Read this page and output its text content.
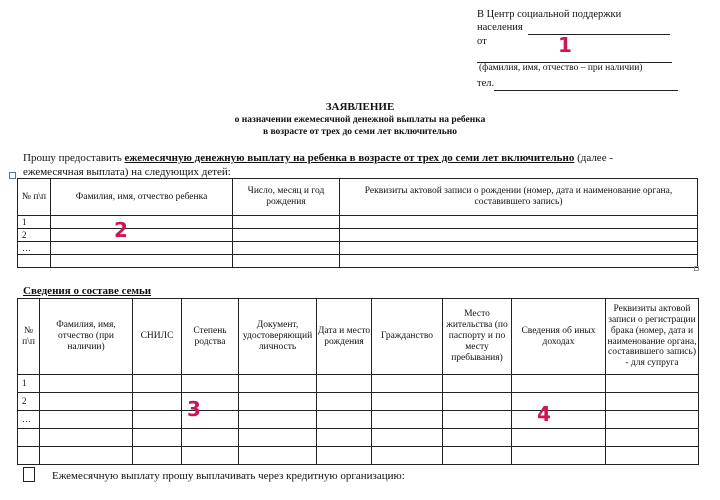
В Центр социальной поддержки
населения
от
(фамилия, имя, отчество – при наличии)
тел.
ЗАЯВЛЕНИЕ
о назначении ежемесячной денежной выплаты на ребенка
в возрасте от трех до семи лет включительно
Прошу предоставить ежемесячную денежную выплату на ребенка в возрасте от трех до семи лет включительно (далее -
ежемесячная выплата) на следующих детей:
№ п\п	Фамилия, имя, отчество ребенка	Число, месяц и год рождения	Реквизиты актовой записи о рождении (номер, дата и наименование органа, составившего запись)
1			
2			
…			

Сведения о составе семьи
№ п\п	Фамилия, имя, отчество (при наличии)	СНИЛС	Степень родства	Документ, удостоверяющий личность	Дата и место рождения	Гражданство	Место жительства (по паспорту и по месту пребывания)	Сведения об иных доходах	Реквизиты актовой записи о регистрации брака (номер, дата и наименование органа, составившего запись) - для супруга
1									
2									
…									

Ежемесячную выплату прошу выплачивать через кредитную организацию:
1
2
3	4
